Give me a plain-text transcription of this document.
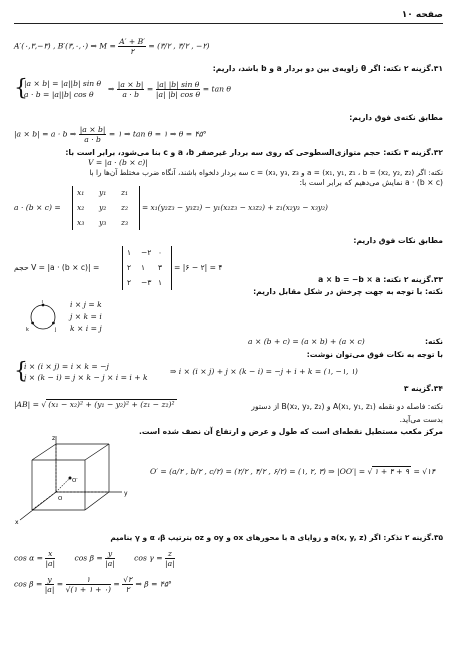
صفحه ۱۰
A′(۰,۳,−۳) , B′(۳,۰,۰) ⇒ M = A′ + B′
۲
= (۳/۲ , ۳/۲ , −۲)
۳۱.گزینه ۲ نکته: اگر θ زاویه‌ی بین دو بردار a و b باشد، داریم:
{
|a × b| = |a||b| sin θ
a · b = |a||b| cos θ
⇒ $\frac{|a \times b|}{a \cdot b} = \frac{\text{|a| |b| sin θ}}{\text{|a| |b| cos θ}} = \tan \theta$
مطابق نکته‌ی فوق داریم:
|a × b| = a · b ⇒ $\frac{|a \times b|}{a \cdot b}$ = ۱ ⇒ tan θ = ۱ ⇒ θ = ۴۵°
۳۲.گزینه ۳ نکته: حجم متوازی‌السطوحی که روی سه بردار غیرصفر a ،b و c بنا می‌شود، برابر است با:
V = |a · (b × c)|
نکته: اگر (a = (x₁, y₁, z₁ ، b = (x₂, y₂, z₂ و c = (x₃, y₃, z₃ سه بردار دلخواه باشند، آنگاه ضرب مختلط آن‌ها را با
a · (b × c) نمایش می‌دهیم که برابر است با:
a · (b × c) =
x₁ y₁ z₁
x₂ y₂ z₂
x₃ y₃ z₃
= x₁(y₂z₃ − y₃z₂) − y₁(x₂z₃ − x₃z₂) + z₁(x₂y₃ − x₃y₂)
مطابق نکات فوق داریم:
حجم V = |a · (b × c)| =
۱ −۲ ۰
۲ ۱ ۳
۲ −۳ ۱
= |۶ − ۲| = ۴
۳۳.گزینه ۲ نکته: a × b = −b × a
نکته: با توجه به جهت چرخش در شکل مقابل داریم:
i
k	j
i × j = k
j × k = i
k × i = j
نکته:
a × (b + c) = (a × b) + (a × c)
با توجه به نکات فوق می‌توان نوشت:
{
i × (i × j) = i × k = −j
j × (k − i) = j × k − j × i = i + k
⇒ i × (i × j) + j × (k − i) = −j + i + k = (۱, −۱, ۱)
۳۴.گزینه ۳
نکته: فاصله دو نقطه (A(x₁, y₁, z₁ و (B(x₂, y₂, z₂ از دستور
|AB| = √ (x₁ − x₂)² + (y₁ − y₂)² + (z₁ − z₂)²
بدست می‌آید.
مرکز مکعب مستطیل نقطه‌ای است که طول و عرض و ارتفاع آن نصف شده است.
z
y
x
O′
O
O′ = (a/۲ , b/۲ , c/۲) = (۲/۲ , ۴/۲ , ۶/۲) = (۱, ۲, ۳) ⇒ |OO′| = √ ۱ + ۴ + ۹ = √۱۴
۳۵.گزینه ۲ تذکر: اگر (a(x, y, z و زوایای a با محورهای ox و oy و oz بترتیب α ،β و γ بنامیم
$\cos \alpha = \frac{x}{|a|}$	$\cos \beta = \frac{y}{|a|}$	$\cos \gamma = \frac{z}{|a|}$
$\cos \beta = \frac{y}{|a|}$ =	۱
√(۱ + ۱ + ۰)
= √۲
۲
⇒ β = ۴۵°
